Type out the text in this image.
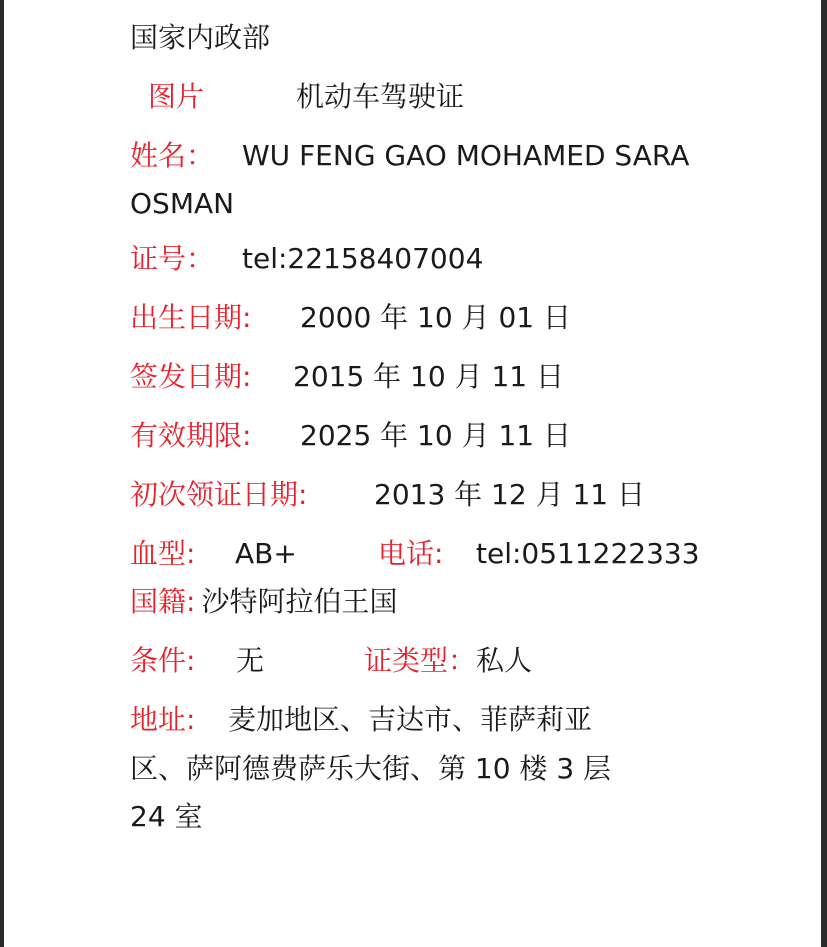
国家内政部
图片	机动车驾驶证
姓名： WU FENG GAO MOHAMED SARA
OSMAN
证号： tel:22158407004
出生日期: 2000 年 10 月 01 日
签发日期: 2015 年 10 月 11 日
有效期限: 2025 年 10 月 11 日
初次领证日期: 2013 年 12 月 11 日
血型: AB+	电话: tel:0511222333
国籍: 沙特阿拉伯王国
条件: 无	证类型：私人
地址: 麦加地区、吉达市、菲萨莉亚
区、萨阿德费萨乐大街、第 10 楼 3 层
24 室
